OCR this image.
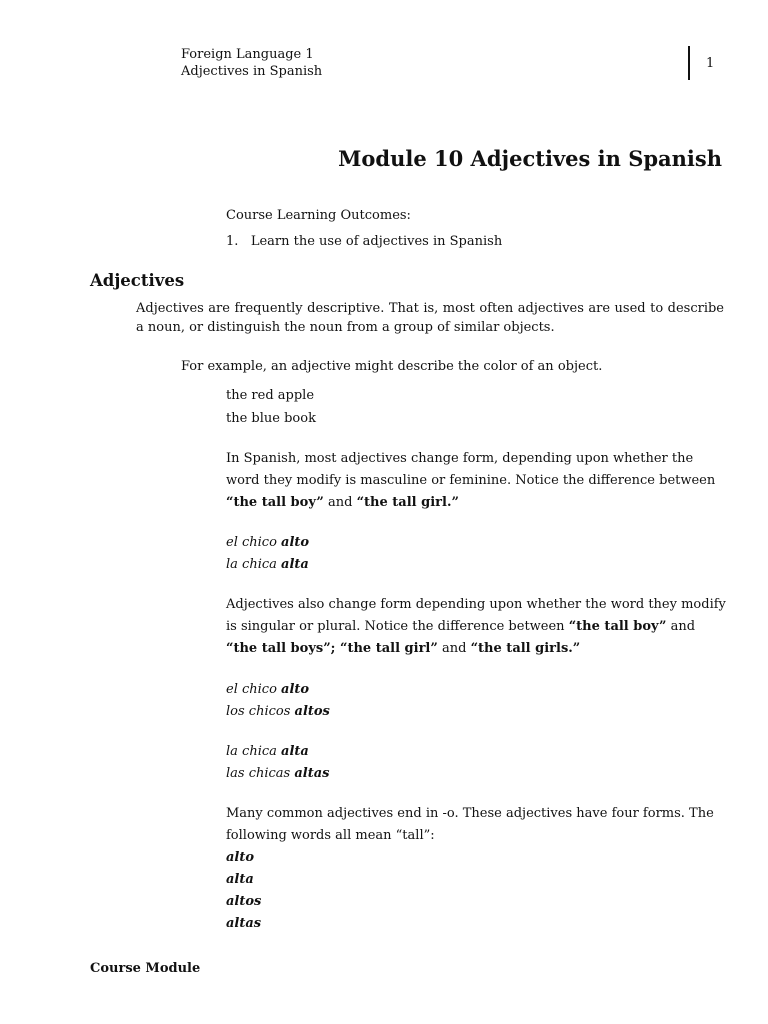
Foreign Language 1
Adjectives in Spanish
1
Module 10 Adjectives in Spanish
Course Learning Outcomes:
1. Learn the use of adjectives in Spanish
Adjectives
Adjectives are frequently descriptive. That is, most often adjectives are used to describe a noun, or distinguish the noun from a group of similar objects.
For example, an adjective might describe the color of an object.
the red apple
the blue book
In Spanish, most adjectives change form, depending upon whether the word they modify is masculine or feminine. Notice the difference between “the tall boy” and “the tall girl.”
el chico alto
la chica alta
Adjectives also change form depending upon whether the word they modify is singular or plural. Notice the difference between “the tall boy” and “the tall boys”; “the tall girl” and “the tall girls.”
el chico alto
los chicos altos
la chica alta
las chicas altas
Many common adjectives end in -o. These adjectives have four forms. The following words all mean “tall”:
alto
alta
altos
altas
Course Module
